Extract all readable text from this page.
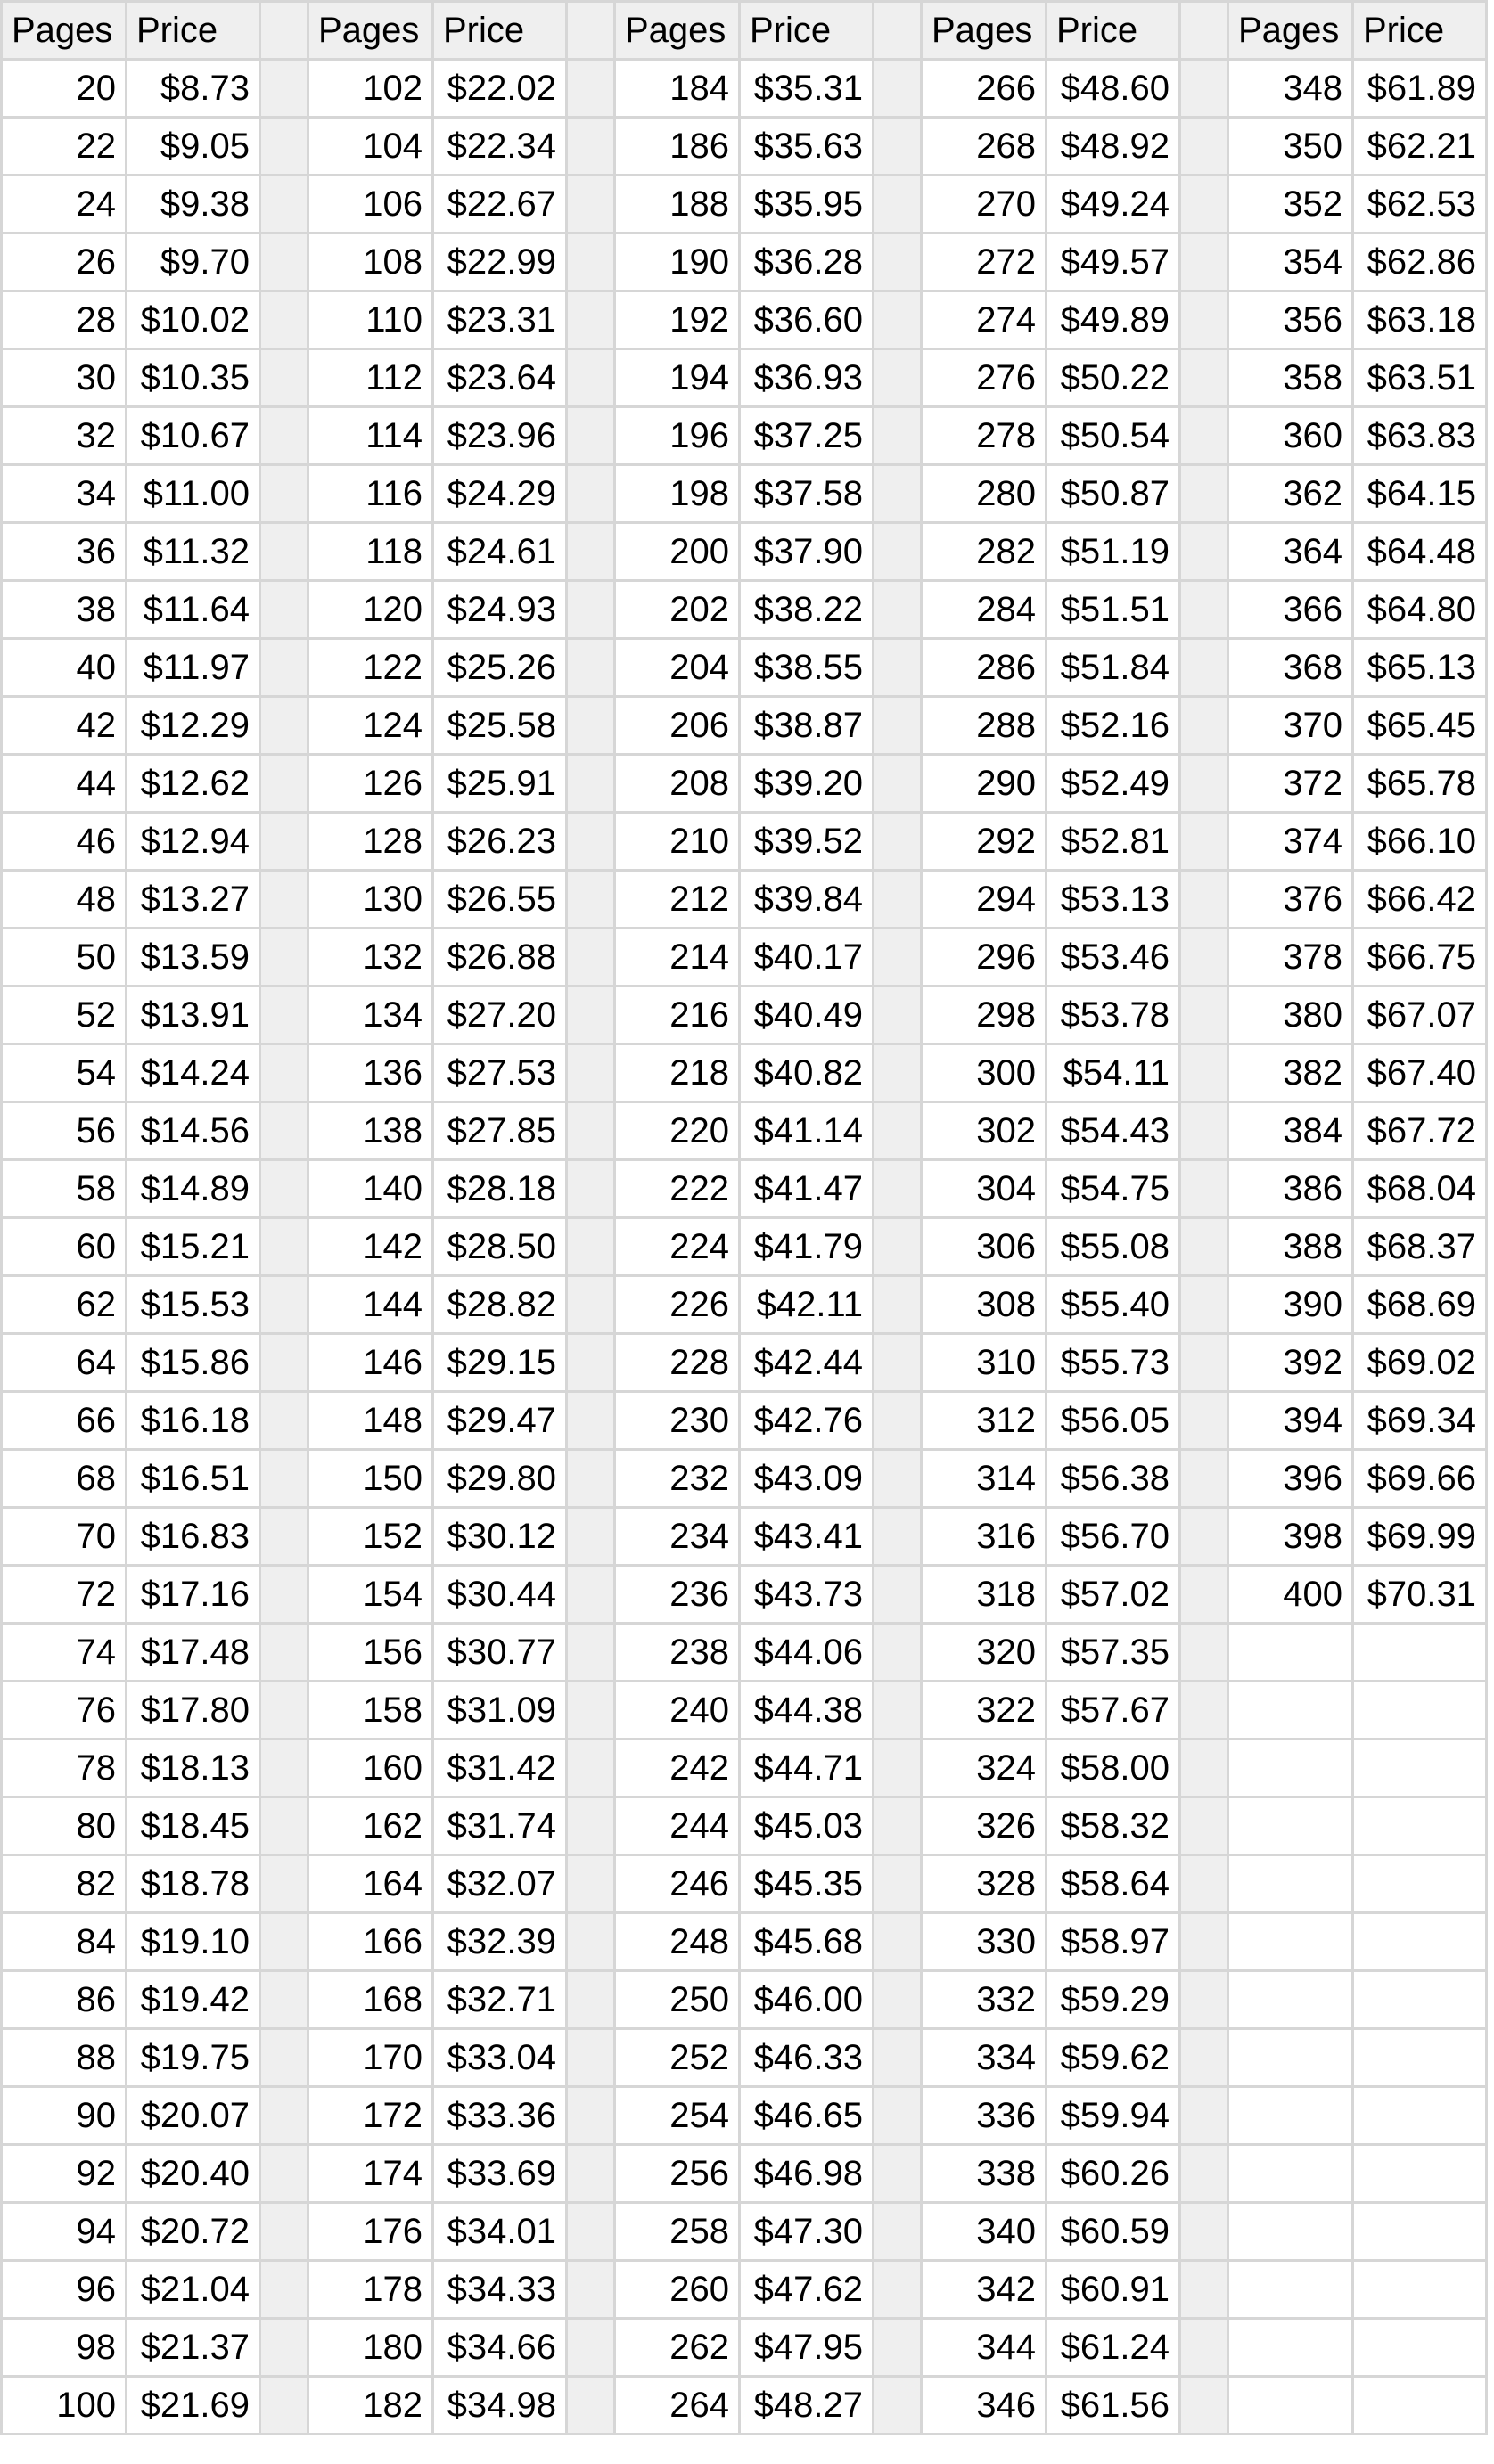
Pages	Price		Pages	Price		Pages	Price		Pages	Price		Pages	Price
20	$8.73		102	$22.02		184	$35.31		266	$48.60		348	$61.89
22	$9.05		104	$22.34		186	$35.63		268	$48.92		350	$62.21
24	$9.38		106	$22.67		188	$35.95		270	$49.24		352	$62.53
26	$9.70		108	$22.99		190	$36.28		272	$49.57		354	$62.86
28	$10.02		110	$23.31		192	$36.60		274	$49.89		356	$63.18
30	$10.35		112	$23.64		194	$36.93		276	$50.22		358	$63.51
32	$10.67		114	$23.96		196	$37.25		278	$50.54		360	$63.83
34	$11.00		116	$24.29		198	$37.58		280	$50.87		362	$64.15
36	$11.32		118	$24.61		200	$37.90		282	$51.19		364	$64.48
38	$11.64		120	$24.93		202	$38.22		284	$51.51		366	$64.80
40	$11.97		122	$25.26		204	$38.55		286	$51.84		368	$65.13
42	$12.29		124	$25.58		206	$38.87		288	$52.16		370	$65.45
44	$12.62		126	$25.91		208	$39.20		290	$52.49		372	$65.78
46	$12.94		128	$26.23		210	$39.52		292	$52.81		374	$66.10
48	$13.27		130	$26.55		212	$39.84		294	$53.13		376	$66.42
50	$13.59		132	$26.88		214	$40.17		296	$53.46		378	$66.75
52	$13.91		134	$27.20		216	$40.49		298	$53.78		380	$67.07
54	$14.24		136	$27.53		218	$40.82		300	$54.11		382	$67.40
56	$14.56		138	$27.85		220	$41.14		302	$54.43		384	$67.72
58	$14.89		140	$28.18		222	$41.47		304	$54.75		386	$68.04
60	$15.21		142	$28.50		224	$41.79		306	$55.08		388	$68.37
62	$15.53		144	$28.82		226	$42.11		308	$55.40		390	$68.69
64	$15.86		146	$29.15		228	$42.44		310	$55.73		392	$69.02
66	$16.18		148	$29.47		230	$42.76		312	$56.05		394	$69.34
68	$16.51		150	$29.80		232	$43.09		314	$56.38		396	$69.66
70	$16.83		152	$30.12		234	$43.41		316	$56.70		398	$69.99
72	$17.16		154	$30.44		236	$43.73		318	$57.02		400	$70.31
74	$17.48		156	$30.77		238	$44.06		320	$57.35			
76	$17.80		158	$31.09		240	$44.38		322	$57.67			
78	$18.13		160	$31.42		242	$44.71		324	$58.00			
80	$18.45		162	$31.74		244	$45.03		326	$58.32			
82	$18.78		164	$32.07		246	$45.35		328	$58.64			
84	$19.10		166	$32.39		248	$45.68		330	$58.97			
86	$19.42		168	$32.71		250	$46.00		332	$59.29			
88	$19.75		170	$33.04		252	$46.33		334	$59.62			
90	$20.07		172	$33.36		254	$46.65		336	$59.94			
92	$20.40		174	$33.69		256	$46.98		338	$60.26			
94	$20.72		176	$34.01		258	$47.30		340	$60.59			
96	$21.04		178	$34.33		260	$47.62		342	$60.91			
98	$21.37		180	$34.66		262	$47.95		344	$61.24			
100	$21.69		182	$34.98		264	$48.27		346	$61.56			
